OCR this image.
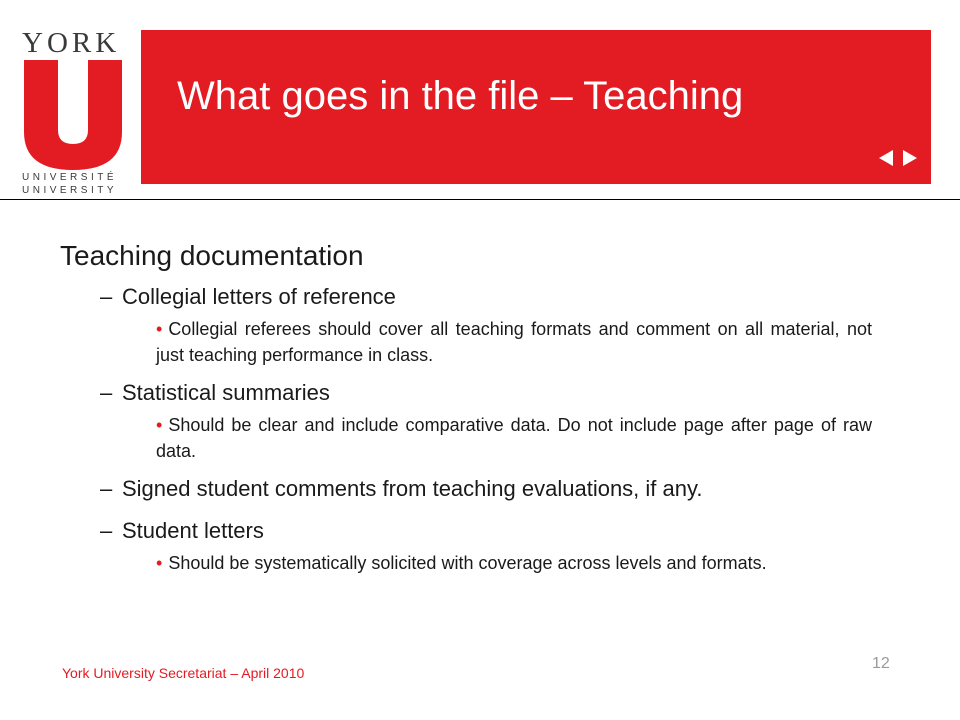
YORK
UNIVERSITÉ
UNIVERSITY
What goes in the file – Teaching
Teaching documentation
– Collegial letters of reference
• Collegial referees should cover all teaching formats and comment on all material, not just teaching performance in class.
– Statistical summaries
• Should be clear and include comparative data. Do not include page after page of raw data.
– Signed student comments from teaching evaluations, if any.
– Student letters
• Should be systematically solicited with coverage across levels and formats.
York University Secretariat – April 2010
12
